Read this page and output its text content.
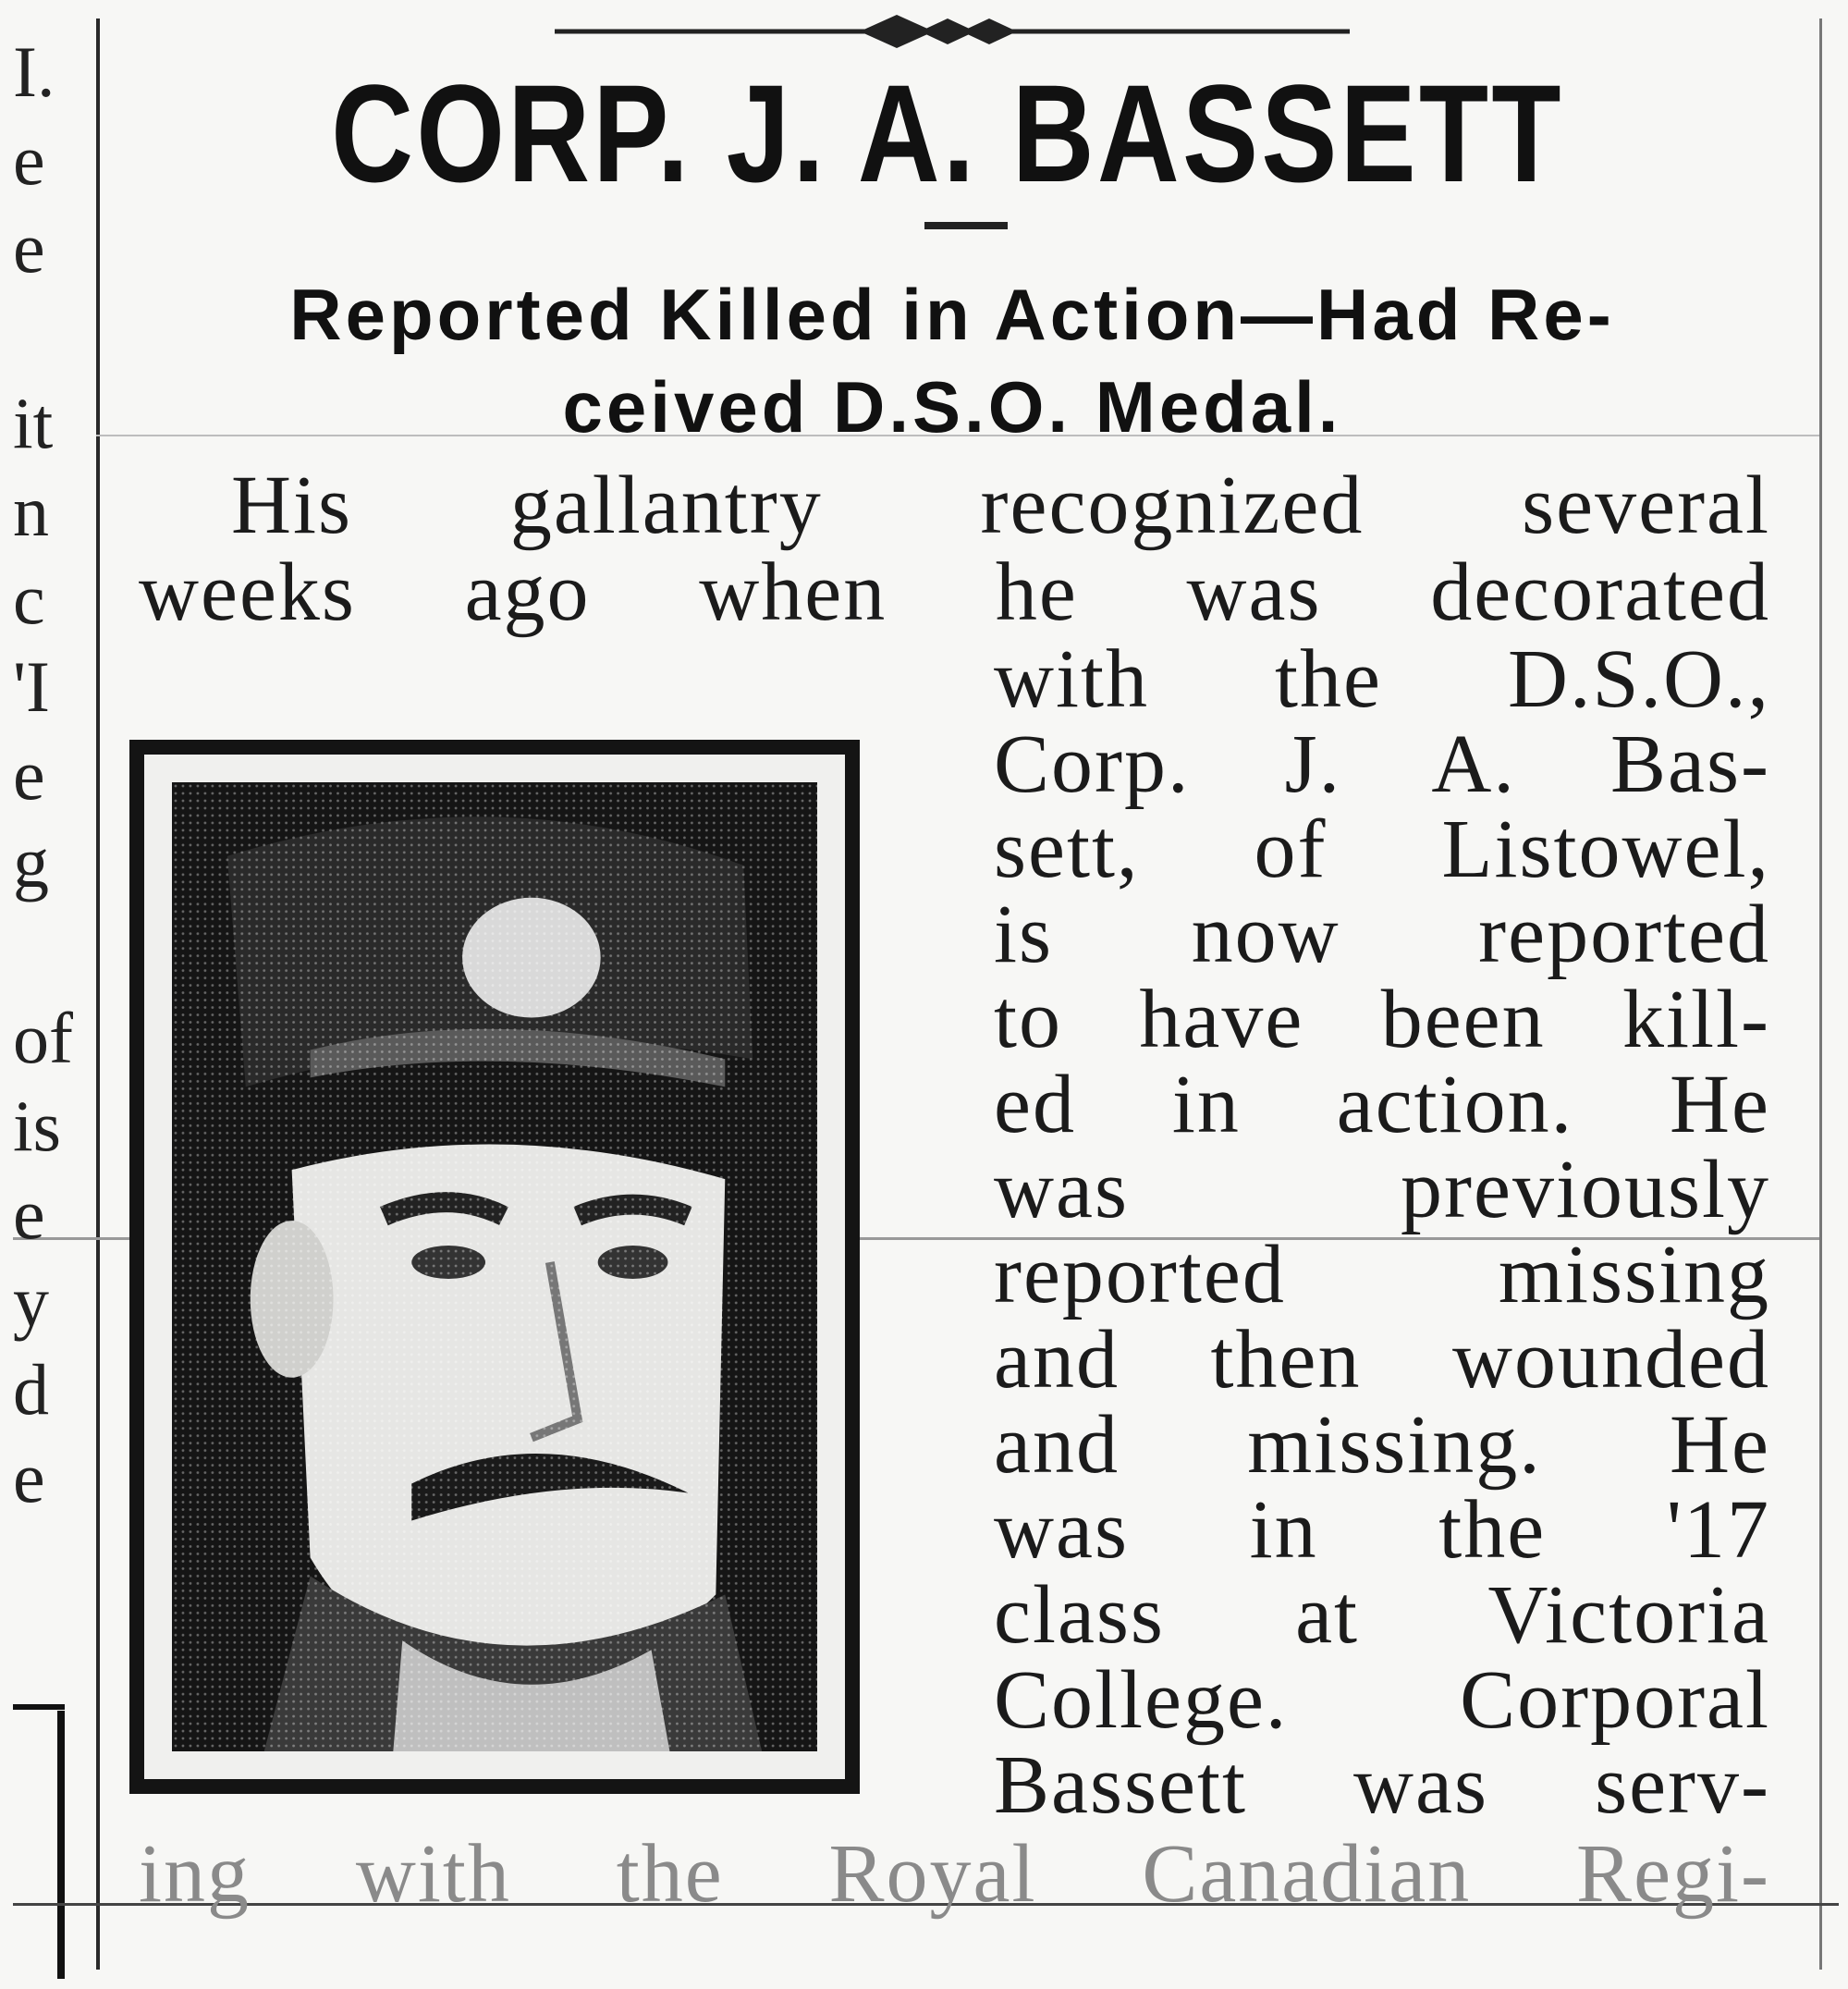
I.
e
e
it
n
c
'I
e
g
of
is
e
y
d
e
CORP. J. A. BASSETT
Reported Killed in Action—Had Re-
ceived D.S.O. Medal.
His gallantry recognized several
weeks ago when he was decorated
with the D.S.O.,
Corp. J. A. Bas-
sett, of Listowel,
is now reported
to have been kill-
ed in action. He
was previously
reported missing
and then wounded
and missing. He
was in the '17
class at Victoria
College. Corporal
Bassett was serv-
ing with the Royal Canadian Regi-
